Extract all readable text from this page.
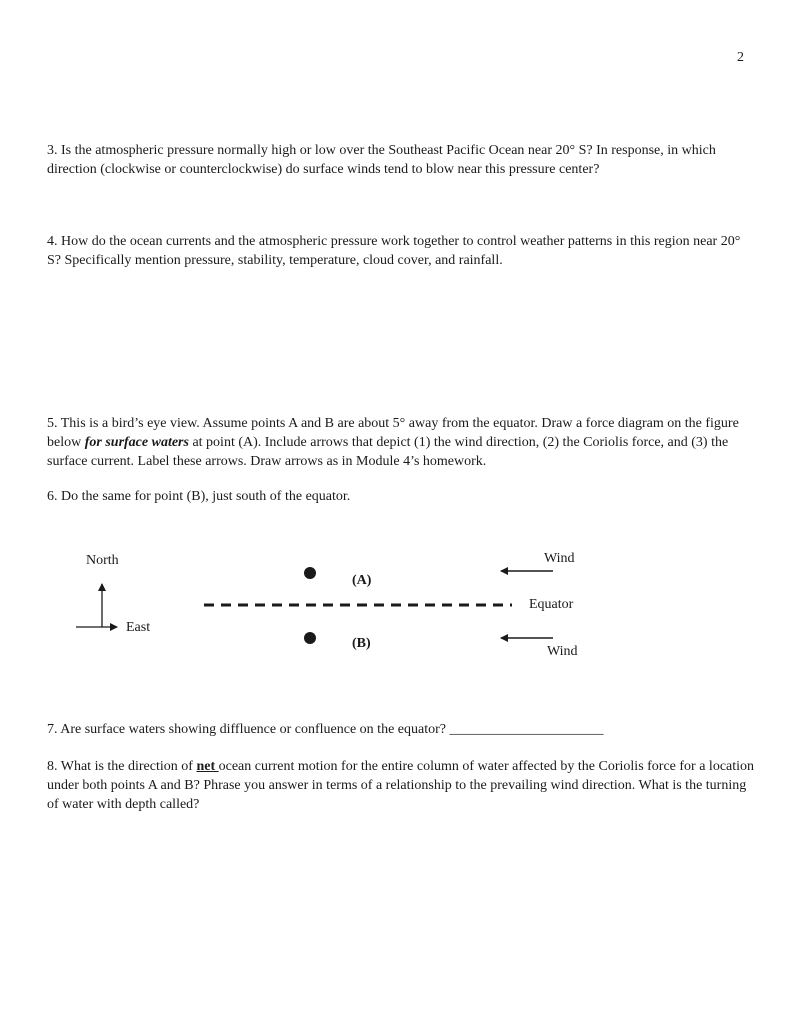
2

3. Is the atmospheric pressure normally high or low over the Southeast Pacific Ocean near 20° S? In response, in which direction (clockwise or counterclockwise) do surface winds tend to blow near this pressure center?

4. How do the ocean currents and the atmospheric pressure work together to control weather patterns in this region near 20° S? Specifically mention pressure, stability, temperature, cloud cover, and rainfall.

5. This is a bird’s eye view. Assume points A and B are about 5° away from the equator. Draw a force diagram on the figure below for surface waters at point (A). Include arrows that depict (1) the wind direction, (2) the Coriolis force, and (3) the surface current. Label these arrows. Draw arrows as in Module 4’s homework.

6. Do the same for point (B), just south of the equator.

North
East
(A)
(B)
Wind
Equator
Wind

7. Are surface waters showing diffluence or confluence on the equator? ______________________

8. What is the direction of net ocean current motion for the entire column of water affected by the Coriolis force for a location under both points A and B? Phrase you answer in terms of a relationship to the prevailing wind direction. What is the turning of water with depth called?
